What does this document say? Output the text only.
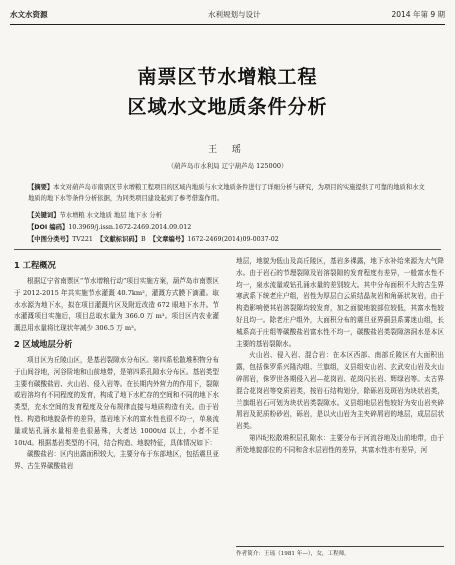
水文水资源	水利规划与设计	2014 年第 9 期
南票区节水增粮工程
区域水文地质条件分析
王 瑶
（葫芦岛市水利局 辽宁葫芦岛 125000）
【摘要】本文对葫芦岛市南票区节水增粮工程项目的区域内地质与水文地质条件进行了详细分析与研究，为项目的实施提供了可靠的地质和水文地质的地下水等条件分析依据，为同类项目建设起到了参考借鉴作用。
【关键词】节水增粮 水文地质 地层 地下水 分析
【DOI 编码】10.3969/j.issn.1672-2469.2014.09.012
【中图分类号】TV221 【文献标识码】B 【文章编号】1672-2469(2014)09-0037-02
1 工程概况

根据辽宁省南票区“节水增粮行动”项目实施方案，葫芦岛市南票区于 2012-2015 年共实施节水灌溉 40.7km²，灌溉方式膜下滴灌。取水水源为地下水，拟在项目灌溉片区及附近改造 672 眼地下水井。节水灌溉项目实施后，项目总取水量为 366.0 万 m³。项目区内农业灌溉总用水量将比现状年减少 306.5 万 m³。

2 区域地层分析

项目区为丘陵山区，是基岩裂隙水分布区。第四系松散堆积物分布于山间谷地，河谷阶地和山前地带，是第四系孔隙水分布区。基岩类型主要有碳酸盐岩、火山岩、侵入岩等。在长期内外营力的作用下，裂隙或岩溶均有不同程度的发育，构成了地下水贮存的空间和不同的地下水类型，充水空间的发育程度及分布规律直接与地质构造有关。由于岩性、构造和地貌条件的差异，基岩地下水的富水性也很不均一，单泉流量或钻孔涌水量相差也很悬殊，大者达 1000t/d 以上，小者不足 10t/d。根据基岩类型的不同，结合构造、地貌特征，具体情况如下：

碳酸盐岩：区内出露面积较大，主要分布于东部地区，包括震旦亚界、古生界碳酸盐岩

地层，地貌为低山及高丘陵区，基岩多裸露，地下水补给来源为大气降水。由于岩石的节理裂隙及岩溶裂隙的发育程度有差异，一般富水性不均一，泉水流量或钻孔涌水量的差别较大。其中分布面积不大的古生界寒武系下统老庄户组，岩性为厚层白云质结晶灰岩和角砾状灰岩，由于构造影响使其岩溶裂隙均较发育，加之面貌地貌部位较低，其富水性较好且均一。除老庄户组外，大面积分布的震旦亚界蓟县系雾迷山组，长城系高于庄组等碳酸盐岩富水性不均一，碳酸盐岩类裂隙溶洞水是本区主要的基岩裂隙水。

火山岩、侵入岩、混合岩：在本区西部、南部丘陵区有大面积出露，包括侏罗系兴隆沟组、兰旗组，义县组安山岩、玄武安山岩及火山碎屑岩，侏罗世各期侵入岩—花岗岩、花岗闪长岩、辉绿岩等。太古界混合花岗岩等变质岩类，按岩石结构划分，除砾岩及斑岩为块状岩类，兰旗组岩石可划为块状岩类裂隙水。义县组地层岩性较好为安山岩夹碎屑岩及泥质粉砂岩，砾岩，是以火山岩为主夹碎屑岩的地层，成层层状岩类。

第四纪松散堆积层孔隙水：主要分布于河流谷地及山前地带，由于所处地貌部位的不同和含水层岩性的差异，其富水性亦有差异，河

作者简介：王瑶（1981 年—），女，工程师。
